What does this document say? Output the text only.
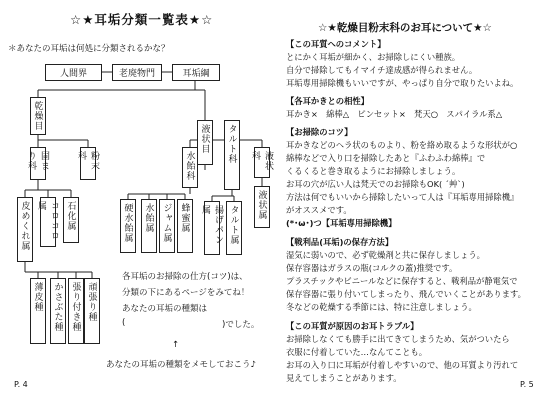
☆★耳垢分類一覧表★☆
＊あなたの耳垢は何処に分類されるかな？
人間界	老廃物門	耳垢綱
乾燥目
液状目
固まり科	粉末科	水飴科
タルト科	液状科
皮めくれ属	コロコロ属	石化属	硬水飴属	水飴属 ジャム属 蜂蜜属	揚げパン属	タルト属	液状属
薄皮種	かさぶた種 張り付き種 頑張り種
各耳垢のお掃除の仕方(コツ)は、
分類の下にあるページをみてね！
あなたの耳垢の種類は
(	)でした。
↑
あなたの耳垢の種類をメモしておこう♪
P. 4
☆★乾燥目粉末科のお耳について★☆
【この耳質へのコメント】
とにかく耳垢が細かく、お掃除しにくい種族。
自分で掃除してもイマイチ達成感が得られません。
耳垢専用掃除機もいいですが、やっぱり自分で取りたいよね。
【各耳かきとの相性】
耳かき×　綿棒△　ピンセット×　梵天○　スパイラル系△
【お掃除のコツ】
耳かきなどのヘラ状のものより、粉を絡め取るような形状が○
綿棒などで入り口を掃除したあと『ふわふわ綿棒』で
くるくると巻き取るようにお掃除しましょう。
お耳の穴が広い人は梵天でのお掃除もOK( ´艸`)
方法は何でもいいから掃除したいって人は『耳垢専用掃除機』
がオススメです。
(*･ω･)つ【耳垢専用掃除機】
【戦利品(耳垢)の保存方法】
湿気に弱いので、必ず乾燥剤と共に保存しましょう。
保存容器はガラスの瓶(コルクの蓋)推奨です。
プラスチックやビニールなどに保存すると、戦利品が静電気で
保存容器に張り付いてしまったり、飛んでいくことがあります。
冬などの乾燥する季節には、特に注意しましょう。
【この耳質が原因のお耳トラブル】
お掃除しなくても勝手に出てきてしまうため、気がついたら
衣服に付着していた…なんてことも。
お耳の入り口に耳垢が付着しやすいので、他の耳質より汚れて
見えてしまうことがあります。
P. 5
